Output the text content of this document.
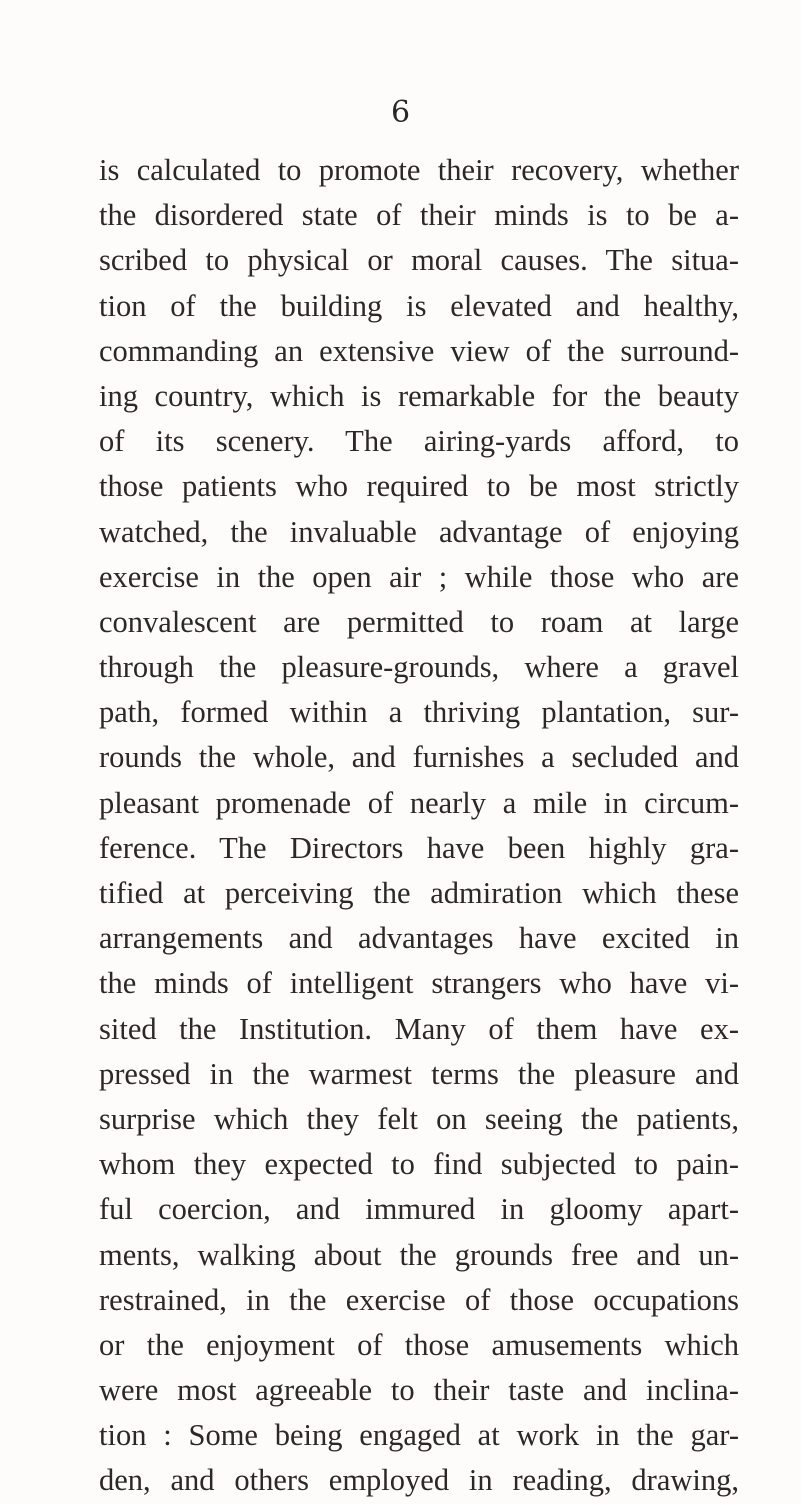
6
is calculated to promote their recovery, whether
the disordered state of their minds is to be a-
scribed to physical or moral causes. The situa-
tion of the building is elevated and healthy,
commanding an extensive view of the surround-
ing country, which is remarkable for the beauty
of its scenery. The airing-yards afford, to
those patients who required to be most strictly
watched, the invaluable advantage of enjoying
exercise in the open air ; while those who are
convalescent are permitted to roam at large
through the pleasure-grounds, where a gravel
path, formed within a thriving plantation, sur-
rounds the whole, and furnishes a secluded and
pleasant promenade of nearly a mile in circum-
ference. The Directors have been highly gra-
tified at perceiving the admiration which these
arrangements and advantages have excited in
the minds of intelligent strangers who have vi-
sited the Institution. Many of them have ex-
pressed in the warmest terms the pleasure and
surprise which they felt on seeing the patients,
whom they expected to find subjected to pain-
ful coercion, and immured in gloomy apart-
ments, walking about the grounds free and un-
restrained, in the exercise of those occupations
or the enjoyment of those amusements which
were most agreeable to their taste and inclina-
tion : Some being engaged at work in the gar-
den, and others employed in reading, drawing,
